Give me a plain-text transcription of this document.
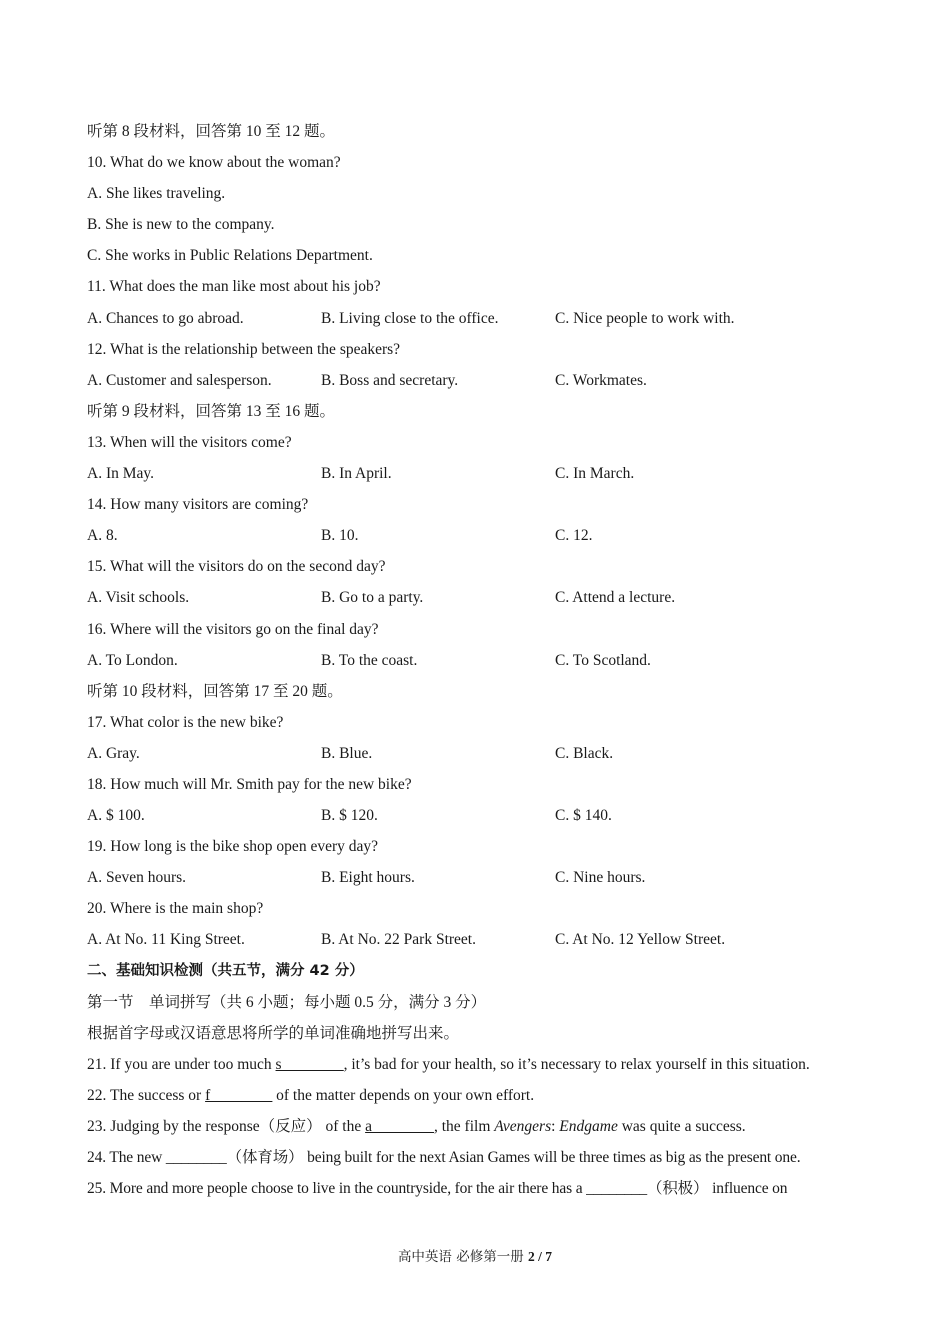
听第 8 段材料，回答第 10 至 12 题。
10. What do we know about the woman?
A. She likes traveling.
B. She is new to the company.
C. She works in Public Relations Department.
11. What does the man like most about his job?
A. Chances to go abroad.	B. Living close to the office.	C. Nice people to work with.
12. What is the relationship between the speakers?
A. Customer and salesperson.	B. Boss and secretary.	C. Workmates.
听第 9 段材料，回答第 13 至 16 题。
13. When will the visitors come?
A. In May.	B. In April.	C. In March.
14. How many visitors are coming?
A. 8.	B. 10.	C. 12.
15. What will the visitors do on the second day?
A. Visit schools.	B. Go to a party.	C. Attend a lecture.
16. Where will the visitors go on the final day?
A. To London.	B. To the coast.	C. To Scotland.
听第 10 段材料，回答第 17 至 20 题。
17. What color is the new bike?
A. Gray.	B. Blue.	C. Black.
18. How much will Mr. Smith pay for the new bike?
A. $ 100.	B. $ 120.	C. $ 140.
19. How long is the bike shop open every day?
A. Seven hours.	B. Eight hours.	C. Nine hours.
20. Where is the main shop?
A. At No. 11 King Street.	B. At No. 22 Park Street.	C. At No. 12 Yellow Street.
二、基础知识检测（共五节，满分 42 分）
第一节　单词拼写（共 6 小题；每小题 0.5 分，满分 3 分）
根据首字母或汉语意思将所学的单词准确地拼写出来。
21. If you are under too much s________, it’s bad for your health, so it’s necessary to relax yourself in this situation.
22. The success or f________ of the matter depends on your own effort.
23. Judging by the response（反应） of the a________, the film Avengers: Endgame was quite a success.
24. The new ________（体育场） being built for the next Asian Games will be three times as big as the present one.
25. More and more people choose to live in the countryside, for the air there has a ________（积极） influence on
高中英语 必修第一册 2 / 7
